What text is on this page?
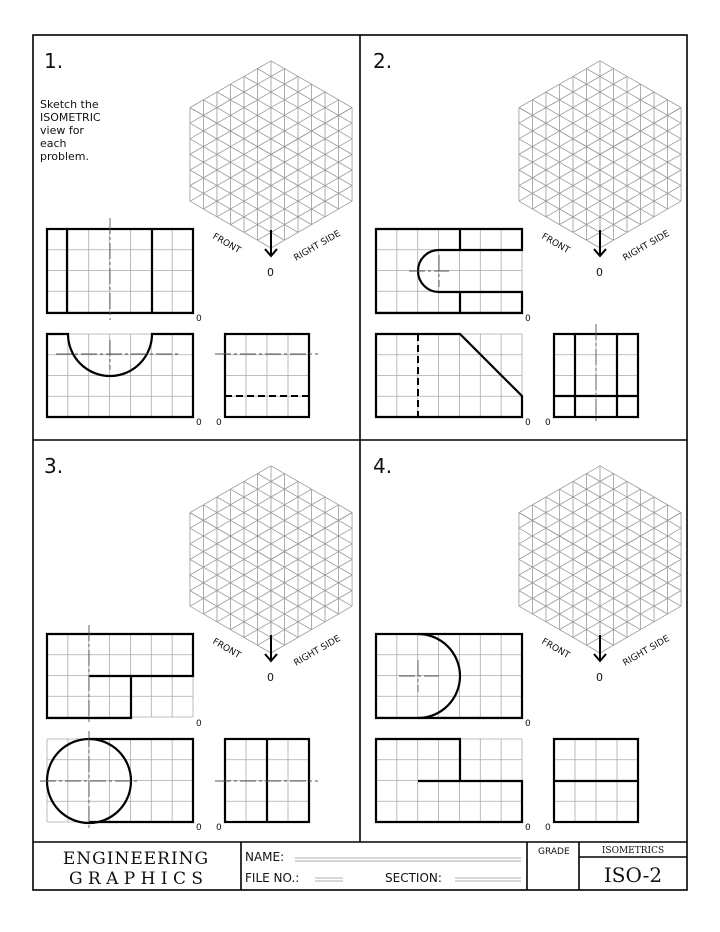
1.
Sketch the
ISOMETRIC
view for
each
problem.
FRONT	RIGHT SIDE
0
0
0 0
2.
FRONT	RIGHT SIDE
0
0
0 0
3.
FRONT	RIGHT SIDE
0
0
0 0
4.
FRONT	RIGHT SIDE
0
0
0 0
ENGINEERING
G R A P H I C S
NAME:
FILE NO.:	SECTION:
GRADE	ISOMETRICS
ISO-2
